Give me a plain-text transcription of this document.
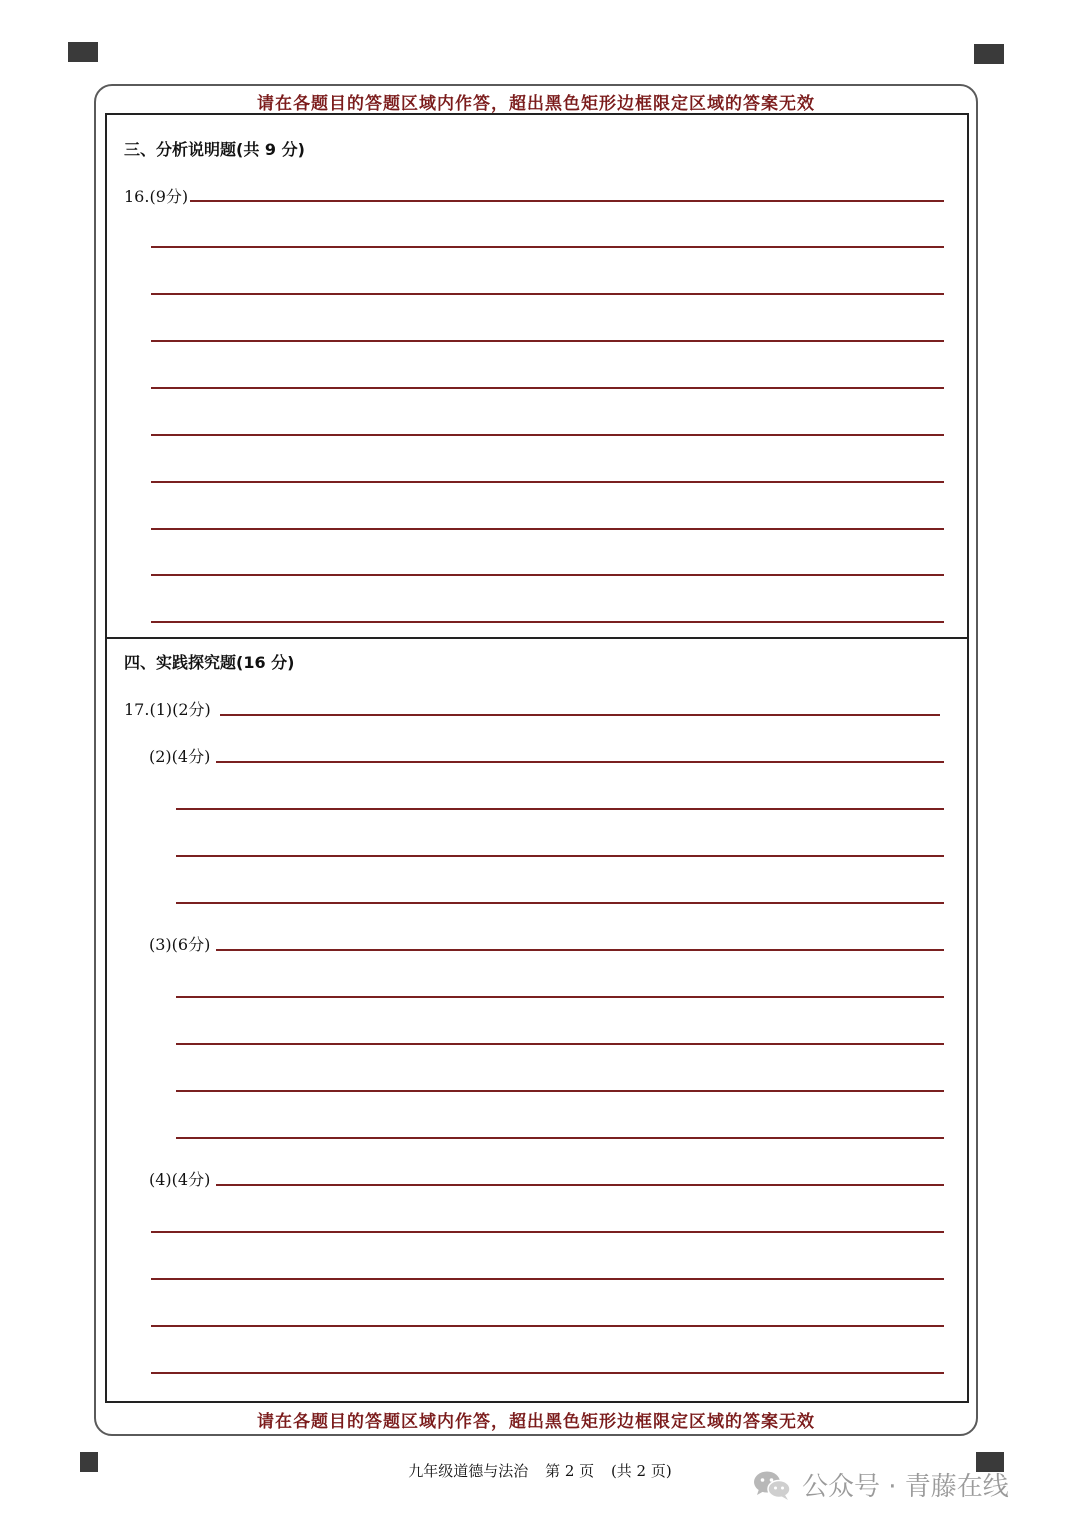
请在各题目的答题区域内作答，超出黑色矩形边框限定区域的答案无效
请在各题目的答题区域内作答，超出黑色矩形边框限定区域的答案无效
三、分析说明题(共 9 分)
16.(9分)
四、实践探究题(16 分)
17.(1)(2分)
(2)(4分)
(3)(6分)
(4)(4分)
九年级道德与法治 第 2 页 (共 2 页)
公众号 · 青藤在线
